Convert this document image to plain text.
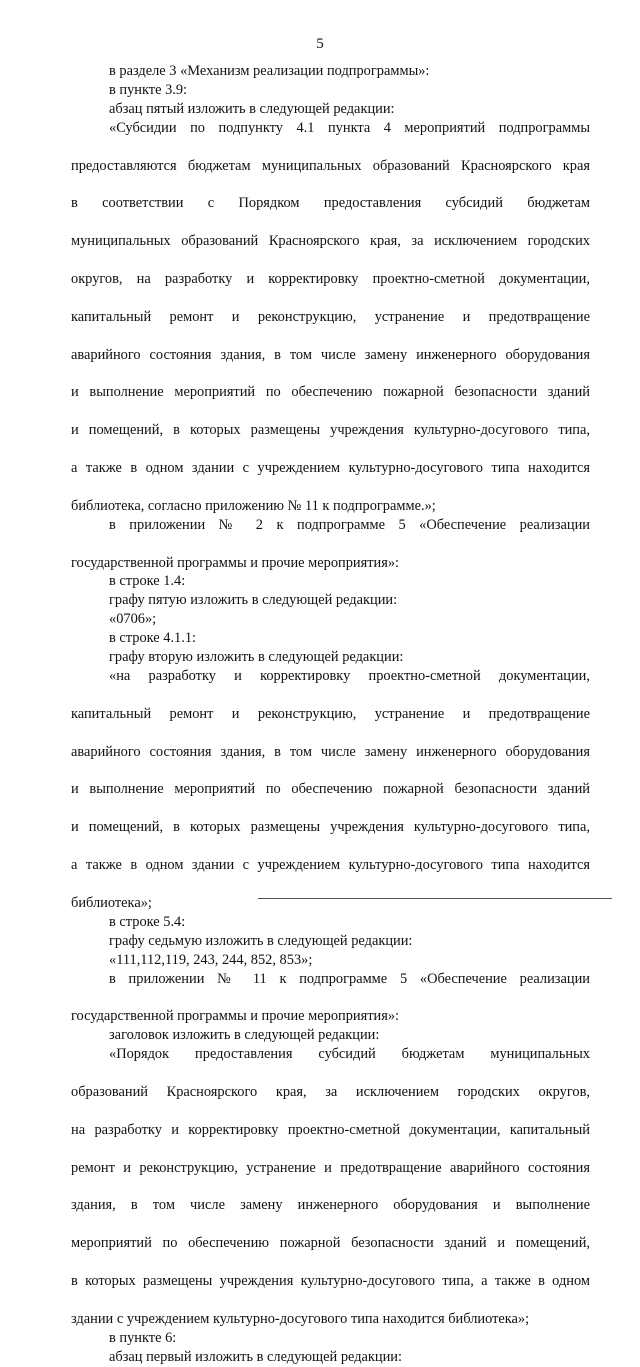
5

в разделе 3 «Механизм реализации подпрограммы»:

в пункте 3.9:

абзац пятый изложить в следующей редакции:

«Субсидии по подпункту 4.1 пункта 4 мероприятий подпрограммы

предоставляются бюджетам муниципальных образований Красноярского края

в соответствии с Порядком предоставления субсидий бюджетам

муниципальных образований Красноярского края, за исключением городских

округов, на разработку и корректировку проектно-сметной документации,

капитальный ремонт и реконструкцию, устранение и предотвращение

аварийного состояния здания, в том числе замену инженерного оборудования

и выполнение мероприятий по обеспечению пожарной безопасности зданий

и помещений, в которых размещены учреждения культурно-досугового типа,

а также в одном здании с учреждением культурно-досугового типа находится

библиотека, согласно приложению № 11 к подпрограмме.»;

в приложении № 2 к подпрограмме 5 «Обеспечение реализации

государственной программы и прочие мероприятия»:

в строке 1.4:

графу пятую изложить в следующей редакции:

«0706»;

в строке 4.1.1:

графу вторую изложить в следующей редакции:

«на разработку и корректировку проектно-сметной документации,

капитальный ремонт и реконструкцию, устранение и предотвращение

аварийного состояния здания, в том числе замену инженерного оборудования

и выполнение мероприятий по обеспечению пожарной безопасности зданий

и помещений, в которых размещены учреждения культурно-досугового типа,

а также в одном здании с учреждением культурно-досугового типа находится

библиотека»;

в строке 5.4:

графу седьмую изложить в следующей редакции:

«111,112,119, 243, 244, 852, 853»;

в приложении № 11 к подпрограмме 5 «Обеспечение реализации

государственной программы и прочие мероприятия»:

заголовок изложить в следующей редакции:

«Порядок предоставления субсидий бюджетам муниципальных

образований Красноярского края, за исключением городских округов,

на разработку и корректировку проектно-сметной документации, капитальный

ремонт и реконструкцию, устранение и предотвращение аварийного состояния

здания, в том числе замену инженерного оборудования и выполнение

мероприятий по обеспечению пожарной безопасности зданий и помещений,

в которых размещены учреждения культурно-досугового типа, а также в одном

здании с учреждением культурно-досугового типа находится библиотека»;

в пункте 6:

абзац первый изложить в следующей редакции:
